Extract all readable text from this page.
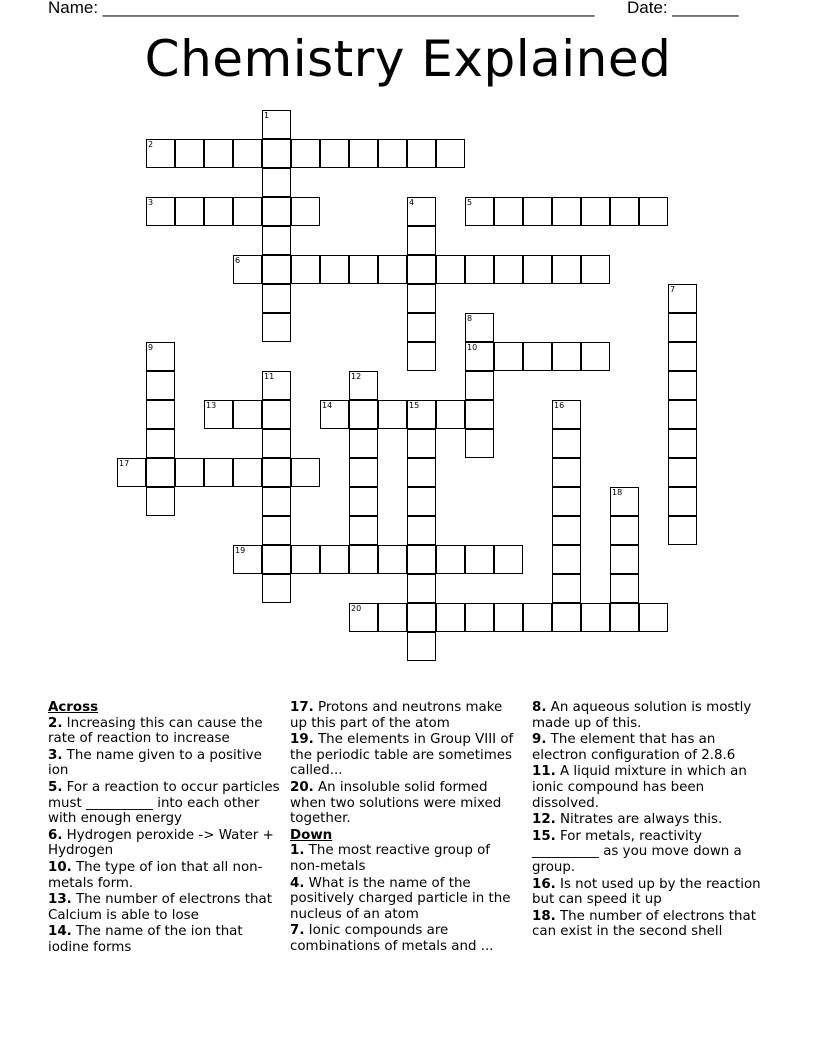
Name: ____________________________________________________ Date: _______
Chemistry Explained
2
3	5
6
10
13	14
17
19
20
1
4
7
8
9
11	12
15	16
18
Across

2. Increasing this can cause the rate of reaction to increase

3. The name given to a positive ion

5. For a reaction to occur particles must __________ into each other with enough energy

6. Hydrogen peroxide -> Water + Hydrogen

10. The type of ion that all non-metals form.

13. The number of electrons that Calcium is able to lose

14. The name of the ion that iodine forms

17. Protons and neutrons make up this part of the atom

19. The elements in Group VIII of the periodic table are sometimes called...

20. An insoluble solid formed when two solutions were mixed together.

Down

1. The most reactive group of non-metals

4. What is the name of the positively charged particle in the nucleus of an atom

7. Ionic compounds are combinations of metals and ...

8. An aqueous solution is mostly made up of this.

9. The element that has an electron configuration of 2.8.6

11. A liquid mixture in which an ionic compound has been dissolved.

12. Nitrates are always this.

15. For metals, reactivity __________ as you move down a group.

16. Is not used up by the reaction but can speed it up

18. The number of electrons that can exist in the second shell
